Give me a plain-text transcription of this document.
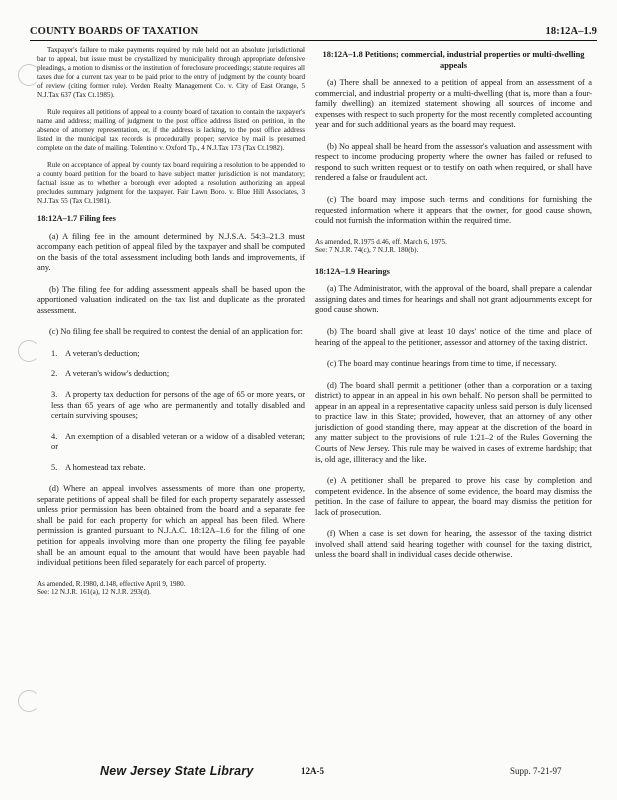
COUNTY BOARDS OF TAXATION	18:12A–1.9

Taxpayer's failure to make payments required by rule held not an absolute jurisdictional bar to appeal, but issue must be crystallized by municipality through appropriate defensive pleadings, a motion to dismiss or the institution of foreclosure proceedings; statute requires all taxes due for a current tax year to be paid prior to the entry of judgment by the county board of review (citing former rule). Verden Realty Management Co. v. City of East Orange, 5 N.J.Tax 637 (Tax Ct.1985).

Rule requires all petitions of appeal to a county board of taxation to contain the taxpayer's name and address; mailing of judgment to the post office address listed on petition, in the absence of attorney representation, or, if the address is lacking, to the post office address listed in the municipal tax records is procedurally proper; service by mail is presumed complete on the date of mailing. Tolentino v. Oxford Tp., 4 N.J.Tax 173 (Tax Ct.1982).

Rule on acceptance of appeal by county tax board requiring a resolution to be appended to a county board petition for the board to have subject matter jurisdiction is not mandatory; factual issue as to whether a borough ever adopted a resolution authorizing an appeal precludes summary judgment for the taxpayer. Fair Lawn Boro. v. Blue Hill Associates, 3 N.J.Tax 55 (Tax Ct.1981).

18:12A–1.7 Filing fees

(a) A filing fee in the amount determined by N.J.S.A. 54:3–21.3 must accompany each petition of appeal filed by the taxpayer and shall be computed on the basis of the total assessment including both lands and improvements, if any.

(b) The filing fee for adding assessment appeals shall be based upon the apportioned valuation indicated on the tax list and duplicate as the prorated assessment.

(c) No filing fee shall be required to contest the denial of an application for:

1. A veteran's deduction;
2. A veteran's widow's deduction;
3. A property tax deduction for persons of the age of 65 or more years, or less than 65 years of age who are permanently and totally disabled and certain surviving spouses;
4. An exemption of a disabled veteran or a widow of a disabled veteran; or
5. A homestead tax rebate.

(d) Where an appeal involves assessments of more than one property, separate petitions of appeal shall be filed for each property separately assessed unless prior permission has been obtained from the board and a separate fee shall be paid for each property for which an appeal has been filed. Where permission is granted pursuant to N.J.A.C. 18:12A–1.6 for the filing of one petition for appeals involving more than one property the filing fee payable shall be an amount equal to the amount that would have been payable had individual petitions been filed separately for each parcel of property.

As amended, R.1980, d.148, effective April 9, 1980.
See: 12 N.J.R. 161(a), 12 N.J.R. 293(d).

18:12A–1.8 Petitions; commercial, industrial properties or multi-dwelling appeals

(a) There shall be annexed to a petition of appeal from an assessment of a commercial, and industrial property or a multi-dwelling (that is, more than a four-family dwelling) an itemized statement showing all sources of income and expenses with respect to such property for the most recently completed accounting year and for such additional years as the board may request.

(b) No appeal shall be heard from the assessor's valuation and assessment with respect to income producing property where the owner has failed or refused to respond to such written request or to testify on oath when required, or shall have rendered a false or fraudulent act.

(c) The board may impose such terms and conditions for furnishing the requested information where it appears that the owner, for good cause shown, could not furnish the information within the required time.

As amended, R.1975 d.46, eff. March 6, 1975.
See: 7 N.J.R. 74(c), 7 N.J.R. 180(b).

18:12A–1.9 Hearings

(a) The Administrator, with the approval of the board, shall prepare a calendar assigning dates and times for hearings and shall not grant adjournments except for good cause shown.

(b) The board shall give at least 10 days' notice of the time and place of hearing of the appeal to the petitioner, assessor and attorney of the taxing district.

(c) The board may continue hearings from time to time, if necessary.

(d) The board shall permit a petitioner (other than a corporation or a taxing district) to appear in an appeal in his own behalf. No person shall be permitted to appear in an appeal in a representative capacity unless said person is duly licensed to practice law in this State; provided, however, that an attorney of any other jurisdiction of good standing there, may appear at the discretion of the board in any matter subject to the provisions of rule 1:21–2 of the Rules Governing the Courts of New Jersey. This rule may be waived in cases of extreme hardship; that is, old age, illiteracy and the like.

(e) A petitioner shall be prepared to prove his case by completion and competent evidence. In the absence of some evidence, the board may dismiss the petition. In the case of failure to appear, the board may dismiss the petition for lack of prosecution.

(f) When a case is set down for hearing, the assessor of the taxing district involved shall attend said hearing together with counsel for the taxing district, unless the board shall in individual cases decide otherwise.

New Jersey State Library	12A-5	Supp. 7-21-97
